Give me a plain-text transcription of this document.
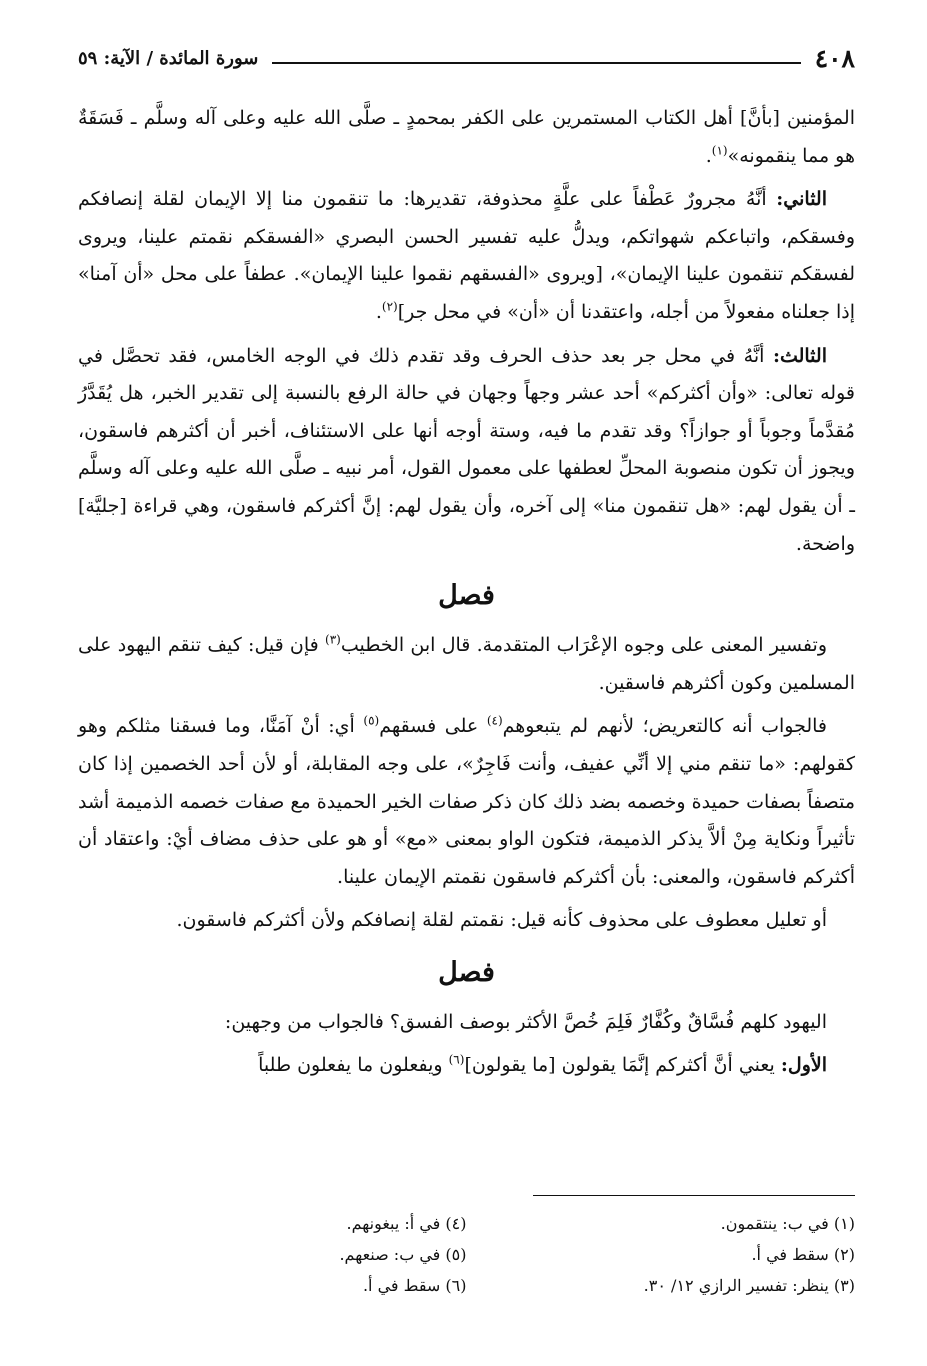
٤٠٨
سورة المائدة / الآية: ٥٩

المؤمنين [بأنَّ] أهل الكتاب المستمرين على الكفر بمحمدٍ ـ صلَّى الله عليه وعلى آله وسلَّم ـ فَسَقَةٌ هو مما ينقمونه»$^{(١)}$.

الثاني: أنَّهُ مجرورٌ عَطْفاً على علَّةٍ محذوفة، تقديرها: ما تنقمون منا إلا الإيمان لقلة إنصافكم وفسقكم، واتباعكم شهواتكم، ويدلُّ عليه تفسير الحسن البصري «الفسقكم نقمتم علينا، ويروى لفسقكم تنقمون علينا الإيمان»، [ويروى «الفسقهم نقموا علينا الإيمان». عطفاً على محل «أن آمنا» إذا جعلناه مفعولاً من أجله، واعتقدنا أن «أن» في محل جر]$^{(٢)}$.

الثالث: أنَّهُ في محل جر بعد حذف الحرف وقد تقدم ذلك في الوجه الخامس، فقد تحصَّل في قوله تعالى: «وأن أكثركم» أحد عشر وجهاً وجهان في حالة الرفع بالنسبة إلى تقدير الخبر، هل يُقَدَّرُ مُقدَّماً وجوباً أو جوازاً؟ وقد تقدم ما فيه، وستة أوجه أنها على الاستئناف، أخبر أن أكثرهم فاسقون، ويجوز أن تكون منصوبة المحلِّ لعطفها على معمول القول، أمر نبيه ـ صلَّى الله عليه وعلى آله وسلَّم ـ أن يقول لهم: «هل تنقمون منا» إلى آخره، وأن يقول لهم: إنَّ أكثركم فاسقون، وهي قراءة [جليَّة] واضحة.

فصل

وتفسير المعنى على وجوه الإعْرَاب المتقدمة. قال ابن الخطيب$^{(٣)}$ فإن قيل: كيف تنقم اليهود على المسلمين وكون أكثرهم فاسقين.

فالجواب أنه كالتعريض؛ لأنهم لم يتبعوهم$^{(٤)}$ على فسقهم$^{(٥)}$ أي: أنْ آمَنَّا، وما فسقنا مثلكم وهو كقولهم: «ما تنقم مني إلا أنِّي عفيف، وأنت فَاجِرٌ»، على وجه المقابلة، أو لأن أحد الخصمين إذا كان متصفاً بصفات حميدة وخصمه بضد ذلك كان ذكر صفات الخير الحميدة مع صفات خصمه الذميمة أشد تأثيراً ونكاية مِنْ ألاَّ يذكر الذميمة، فتكون الواو بمعنى «مع» أو هو على حذف مضاف أيْ: واعتقاد أن أكثركم فاسقون، والمعنى: بأن أكثركم فاسقون نقمتم الإيمان علينا.

أو تعليل معطوف على محذوف كأنه قيل: نقمتم لقلة إنصافكم ولأن أكثركم فاسقون.

فصل

اليهود كلهم فُسَّاقٌ وكُفَّارٌ فَلِمَ خُصَّ الأكثر بوصف الفسق؟ فالجواب من وجهين:

الأول: يعني أنَّ أكثركم إنَّمَا يقولون [ما يقولون]$^{(٦)}$ ويفعلون ما يفعلون طلباً

(١) في ب: ينتقمون.
(٢) سقط في أ.
(٣) ينظر: تفسير الرازي ١٢/ ٣٠.
(٤) في أ: يبغونهم.
(٥) في ب: صنعهم.
(٦) سقط في أ.
